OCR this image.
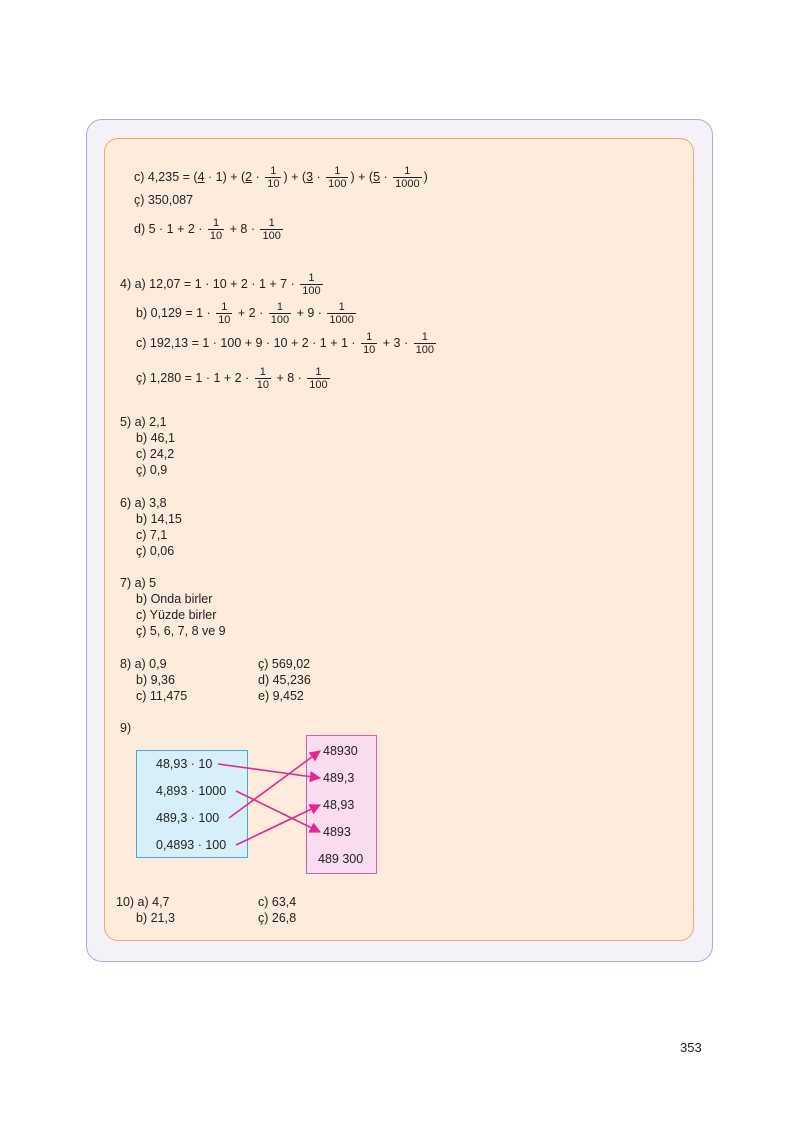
c) $4,235 = (4 \cdot 1) + (2 \cdot \frac{1}{10}$ ) + ($3 \cdot \frac{1}{100}$ ) + ($5 \cdot \frac{1}{1000}$ )
ç) 350,087
d) $5 \cdot 1 + 2 \cdot \frac{1}{10} + 8 \cdot \frac{1}{100}$
4) a) $12,07 = 1 \cdot 10 + 2 \cdot 1 + 7 \cdot \frac{1}{100}$
b) $0,129 = 1 \cdot \frac{1}{10} + 2 \cdot \frac{1}{100} + 9 \cdot \frac{1}{1000}$
c) $192,13 = 1 \cdot 100 + 9 \cdot 10 + 2 \cdot 1 + 1 \cdot \frac{1}{10} + 3 \cdot \frac{1}{100}$
ç) $1,280 = 1 \cdot 1 + 2 \cdot \frac{1}{10} + 8 \cdot \frac{1}{100}$
5) a) 2,1
b) 46,1
c) 24,2
ç) 0,9
6) a) 3,8
b) 14,15
c) 7,1
ç) 0,06
7) a) 5
b) Onda birler
c) Yüzde birler
ç) 5, 6, 7, 8 ve 9
8) a) 0,9
b) 9,36
c) 11,475
ç) 569,02
d) 45,236
e) 9,452
9)
48,93 · 10
4,893 · 1000
489,3 · 100
0,4893 · 100
48930
489,3
48,93
4893
489 300
10) a) 4,7
b) 21,3
c) 63,4
ç) 26,8
353
